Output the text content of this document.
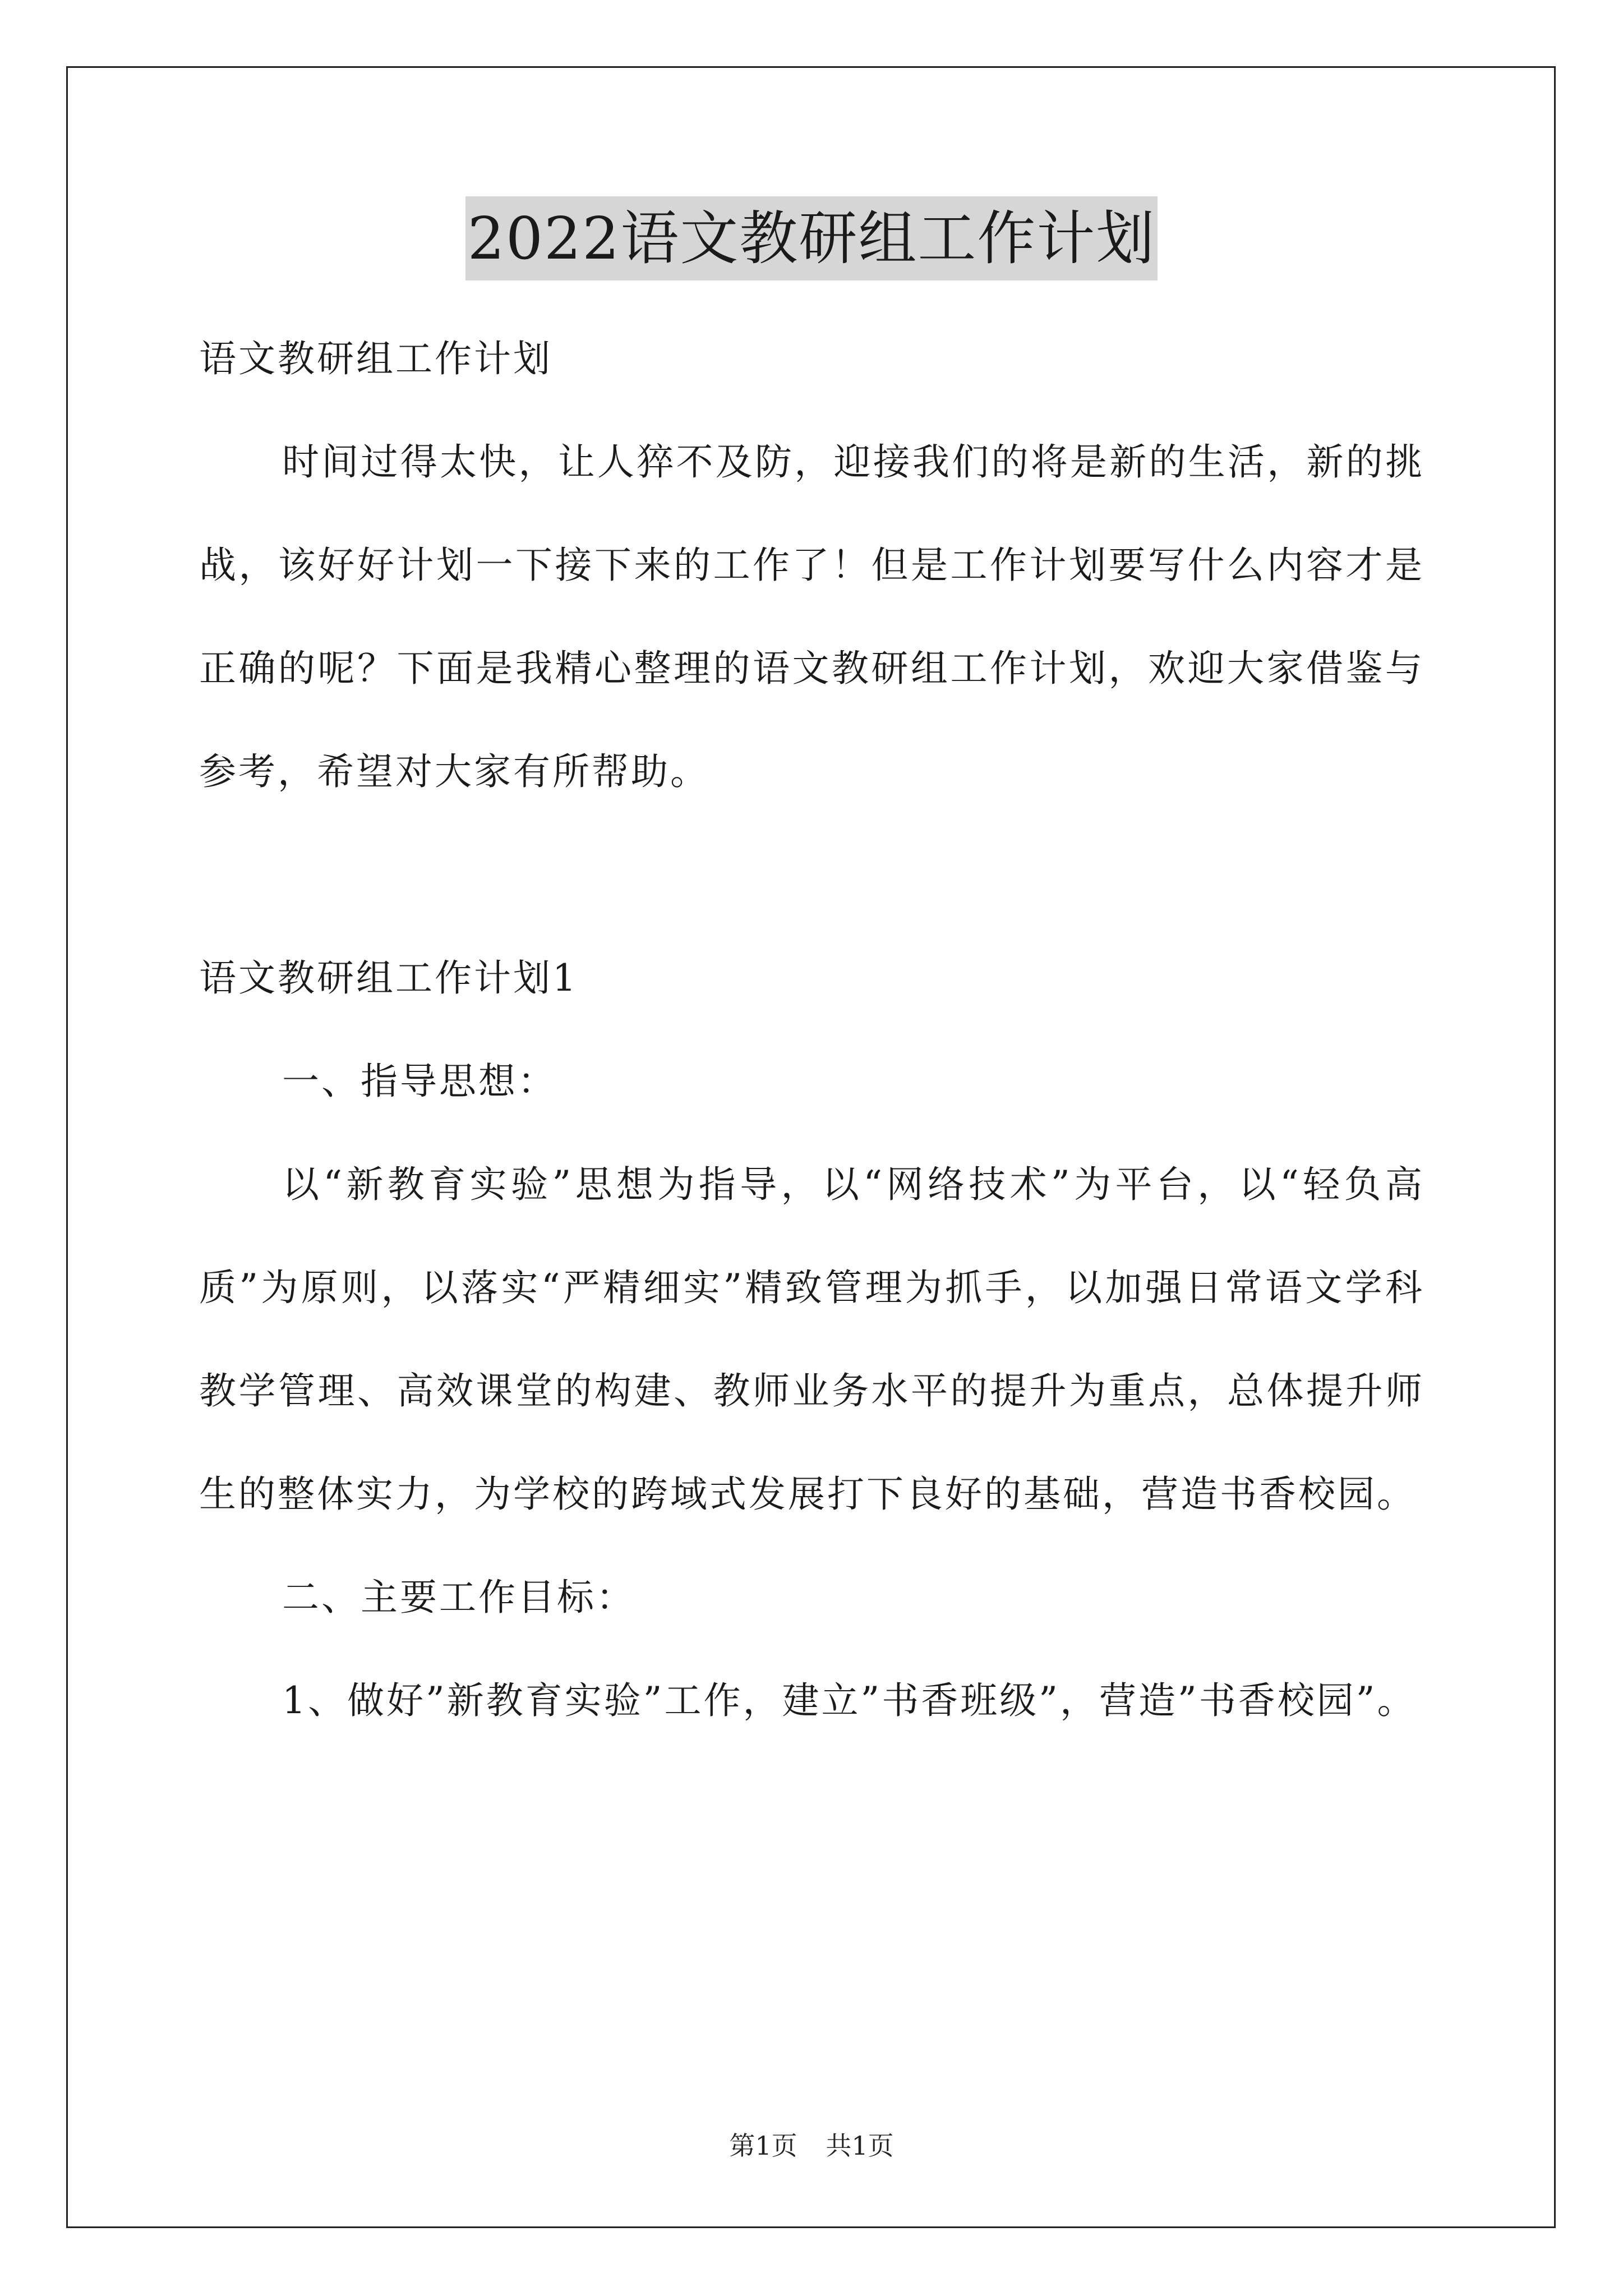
2022语文教研组工作计划

语文教研组工作计划

时间过得太快，让人猝不及防，迎接我们的将是新的生活，新的挑战，该好好计划一下接下来的工作了！但是工作计划要写什么内容才是正确的呢？下面是我精心整理的语文教研组工作计划，欢迎大家借鉴与参考，希望对大家有所帮助。

语文教研组工作计划1

一、指导思想：

以“新教育实验”思想为指导，以“网络技术”为平台，以“轻负高质”为原则，以落实“严精细实”精致管理为抓手，以加强日常语文学科教学管理、高效课堂的构建、教师业务水平的提升为重点，总体提升师生的整体实力，为学校的跨域式发展打下良好的基础，营造书香校园。

二、主要工作目标：

1、做好”新教育实验”工作，建立”书香班级”，营造”书香校园”。

第1页 共1页
